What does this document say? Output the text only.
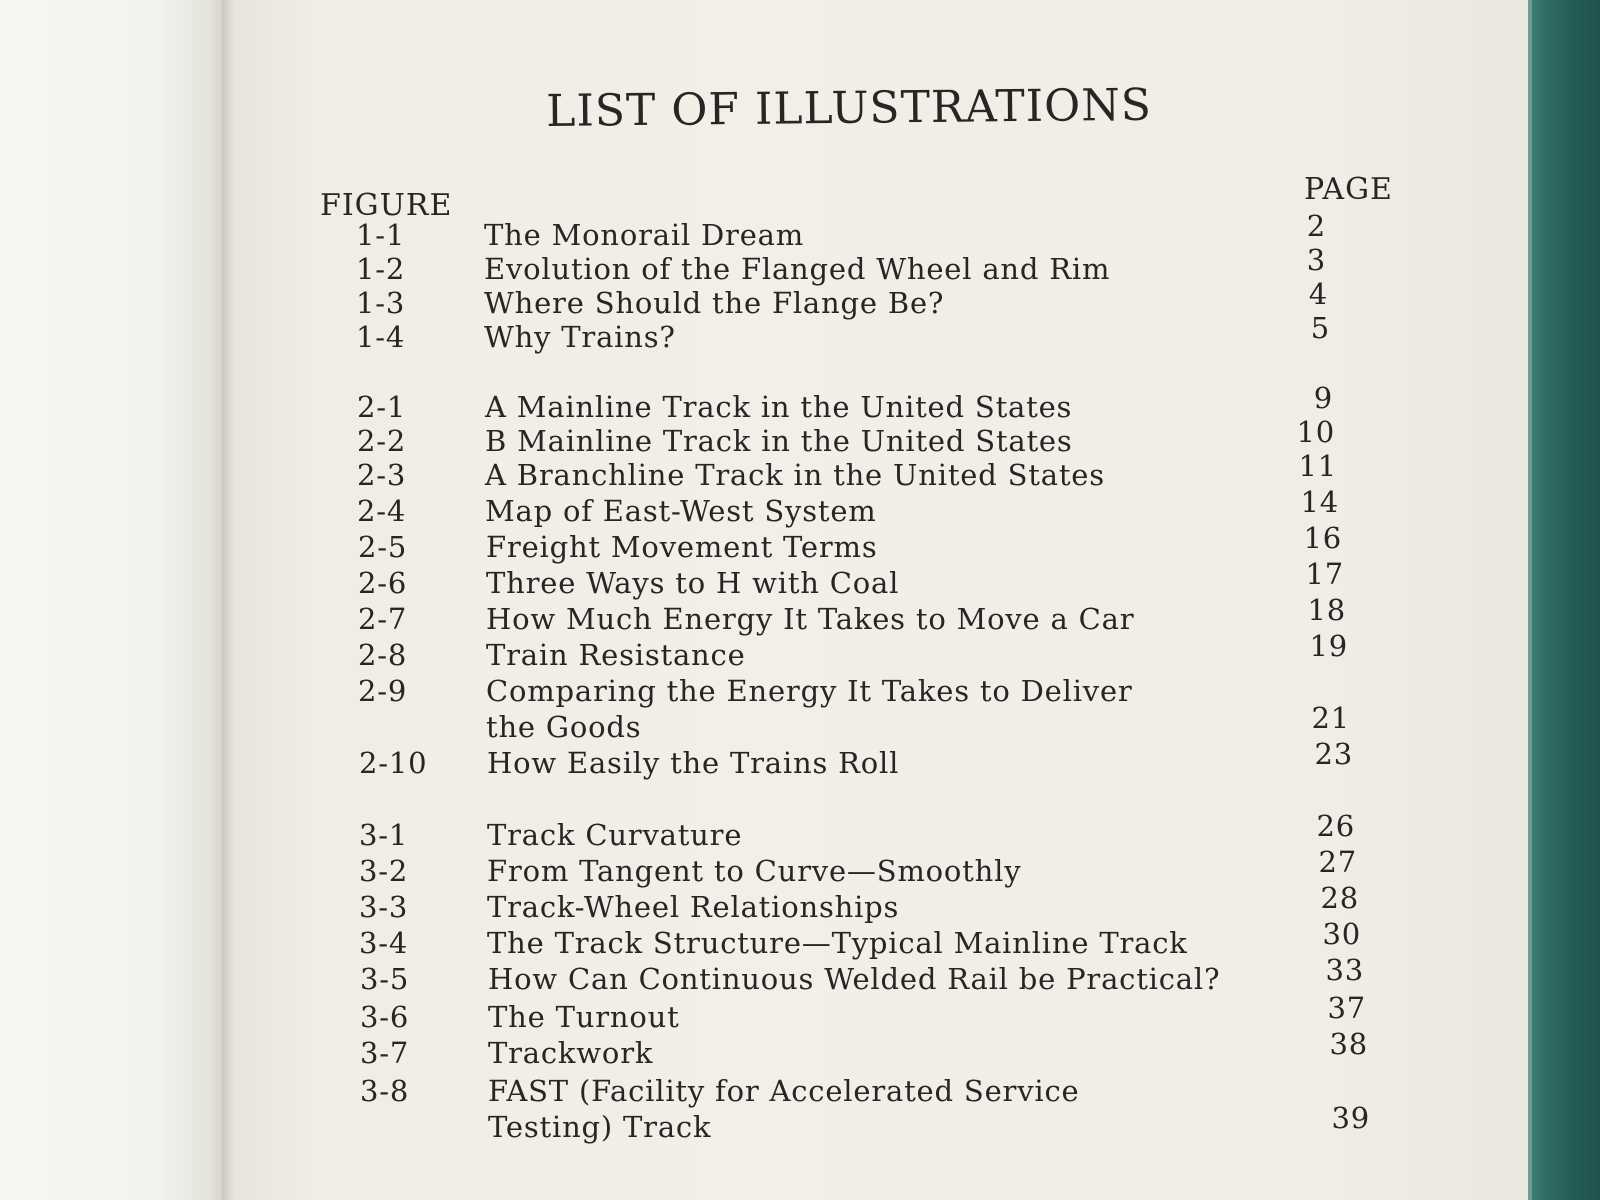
LIST OF ILLUSTRATIONS
FIGURE	PAGE
1-1	The Monorail Dream	2
1-2	Evolution of the Flanged Wheel and Rim	3
1-3	Where Should the Flange Be?	4
1-4	Why Trains?	5
2-1	A Mainline Track in the United States	9
2-2	B Mainline Track in the United States	10
2-3	A Branchline Track in the United States	11
2-4	Map of East-West System	14
2-5	Freight Movement Terms	16
2-6	Three Ways to H with Coal	17
2-7	How Much Energy It Takes to Move a Car	18
2-8	Train Resistance	19
2-9	Comparing the Energy It Takes to Deliver
the Goods	21
2-10 How Easily the Trains Roll	23
3-1	Track Curvature	26
3-2	From Tangent to Curve—Smoothly	27
3-3	Track-Wheel Relationships	28
3-4	The Track Structure—Typical Mainline Track	30
3-5	How Can Continuous Welded Rail be Practical?	33
3-6	The Turnout	37
3-7	Trackwork	38
3-8	FAST (Facility for Accelerated Service
Testing) Track	39
